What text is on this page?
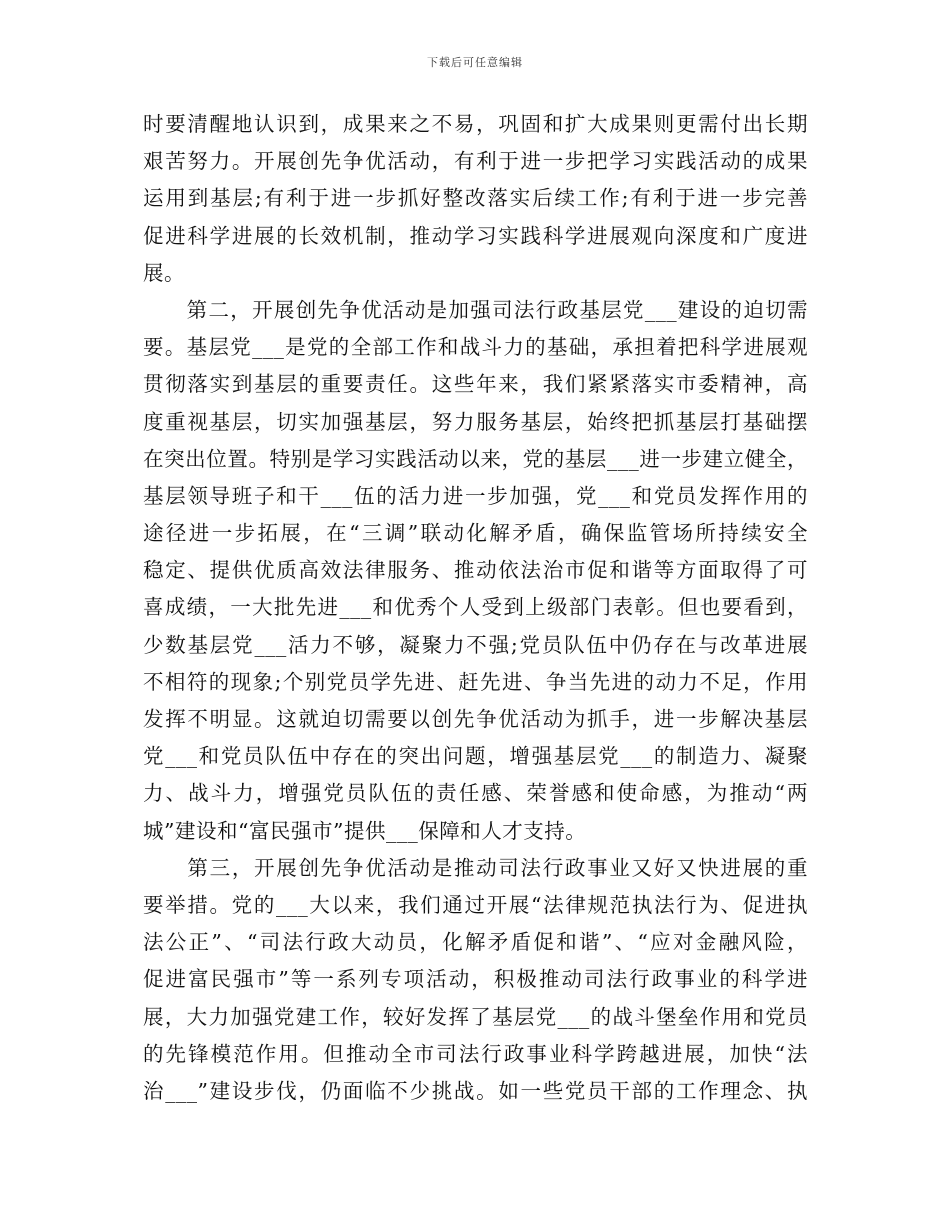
下载后可任意编辑
时要清醒地认识到，成果来之不易，巩固和扩大成果则更需付出长期
艰苦努力。开展创先争优活动，有利于进一步把学习实践活动的成果
运用到基层;有利于进一步抓好整改落实后续工作;有利于进一步完善
促进科学进展的长效机制，推动学习实践科学进展观向深度和广度进
展。
　　第二，开展创先争优活动是加强司法行政基层党___建设的迫切需
要。基层党___是党的全部工作和战斗力的基础，承担着把科学进展观
贯彻落实到基层的重要责任。这些年来，我们紧紧落实市委精神，高
度重视基层，切实加强基层，努力服务基层，始终把抓基层打基础摆
在突出位置。特别是学习实践活动以来，党的基层___进一步建立健全，
基层领导班子和干___伍的活力进一步加强，党___和党员发挥作用的
途径进一步拓展，在“三调”联动化解矛盾，确保监管场所持续安全
稳定、提供优质高效法律服务、推动依法治市促和谐等方面取得了可
喜成绩，一大批先进___和优秀个人受到上级部门表彰。但也要看到，
少数基层党___活力不够，凝聚力不强;党员队伍中仍存在与改革进展
不相符的现象;个别党员学先进、赶先进、争当先进的动力不足，作用
发挥不明显。这就迫切需要以创先争优活动为抓手，进一步解决基层
党___和党员队伍中存在的突出问题，增强基层党___的制造力、凝聚
力、战斗力，增强党员队伍的责任感、荣誉感和使命感，为推动“两
城”建设和“富民强市”提供___保障和人才支持。
　　第三，开展创先争优活动是推动司法行政事业又好又快进展的重
要举措。党的___大以来，我们通过开展“法律规范执法行为、促进执
法公正”、“司法行政大动员，化解矛盾促和谐”、“应对金融风险，
促进富民强市”等一系列专项活动，积极推动司法行政事业的科学进
展，大力加强党建工作，较好发挥了基层党___的战斗堡垒作用和党员
的先锋模范作用。但推动全市司法行政事业科学跨越进展，加快“法
治___”建设步伐，仍面临不少挑战。如一些党员干部的工作理念、执
